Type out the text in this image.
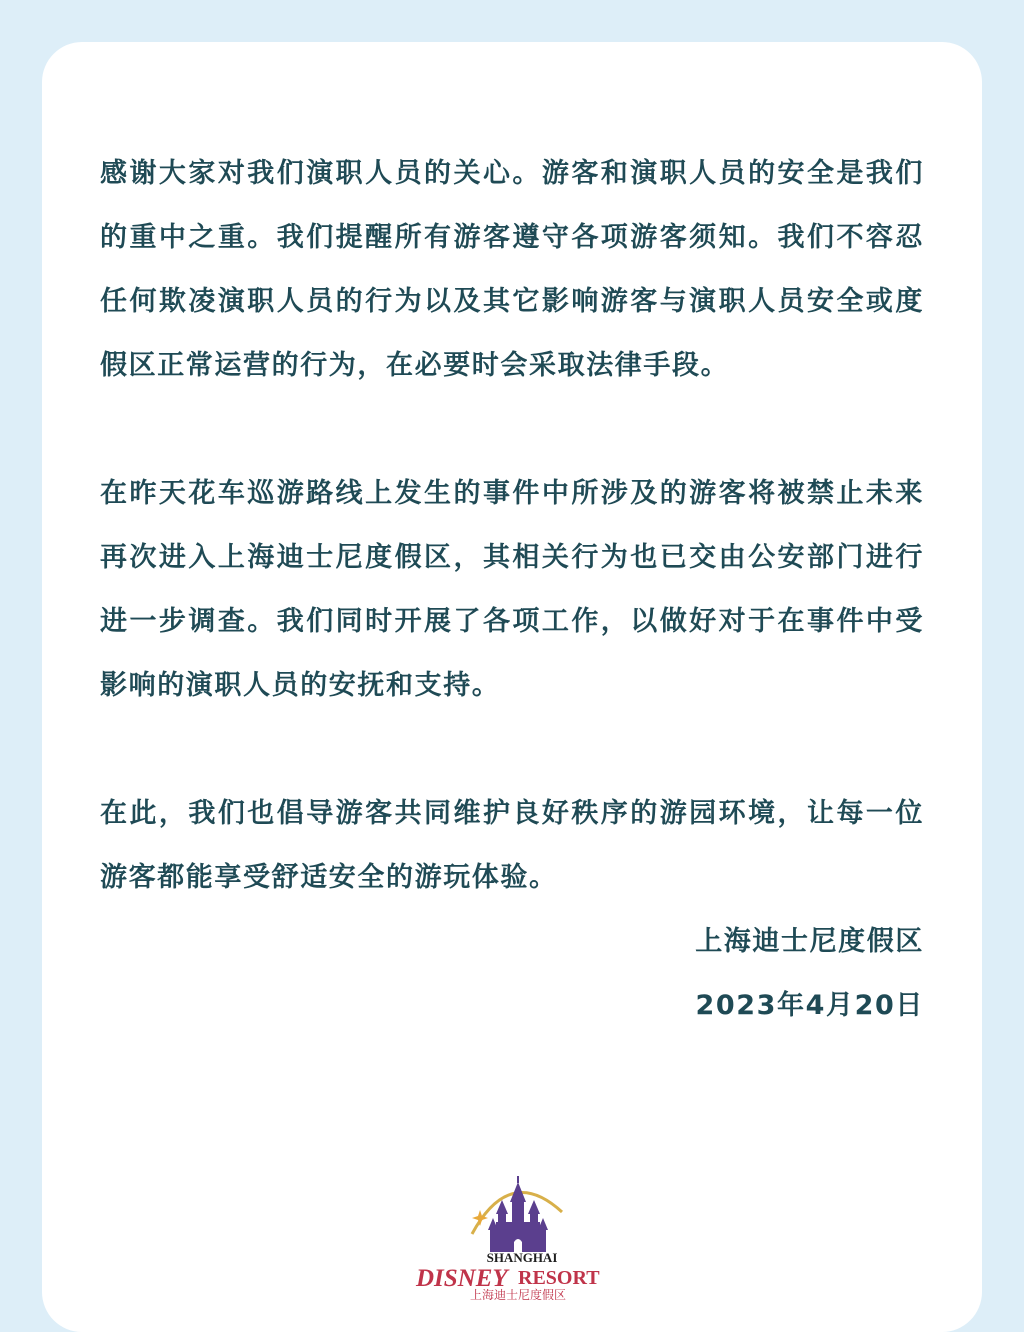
感谢大家对我们演职人员的关心。游客和演职人员的安全是我们的重中之重。我们提醒所有游客遵守各项游客须知。我们不容忍任何欺凌演职人员的行为以及其它影响游客与演职人员安全或度假区正常运营的行为，在必要时会采取法律手段。

在昨天花车巡游路线上发生的事件中所涉及的游客将被禁止未来再次进入上海迪士尼度假区，其相关行为也已交由公安部门进行进一步调查。我们同时开展了各项工作，以做好对于在事件中受影响的演职人员的安抚和支持。

在此，我们也倡导游客共同维护良好秩序的游园环境，让每一位游客都能享受舒适安全的游玩体验。

上海迪士尼度假区

2023年4月20日

SHANGHAI
DISNEY RESORT
上海迪士尼度假区
